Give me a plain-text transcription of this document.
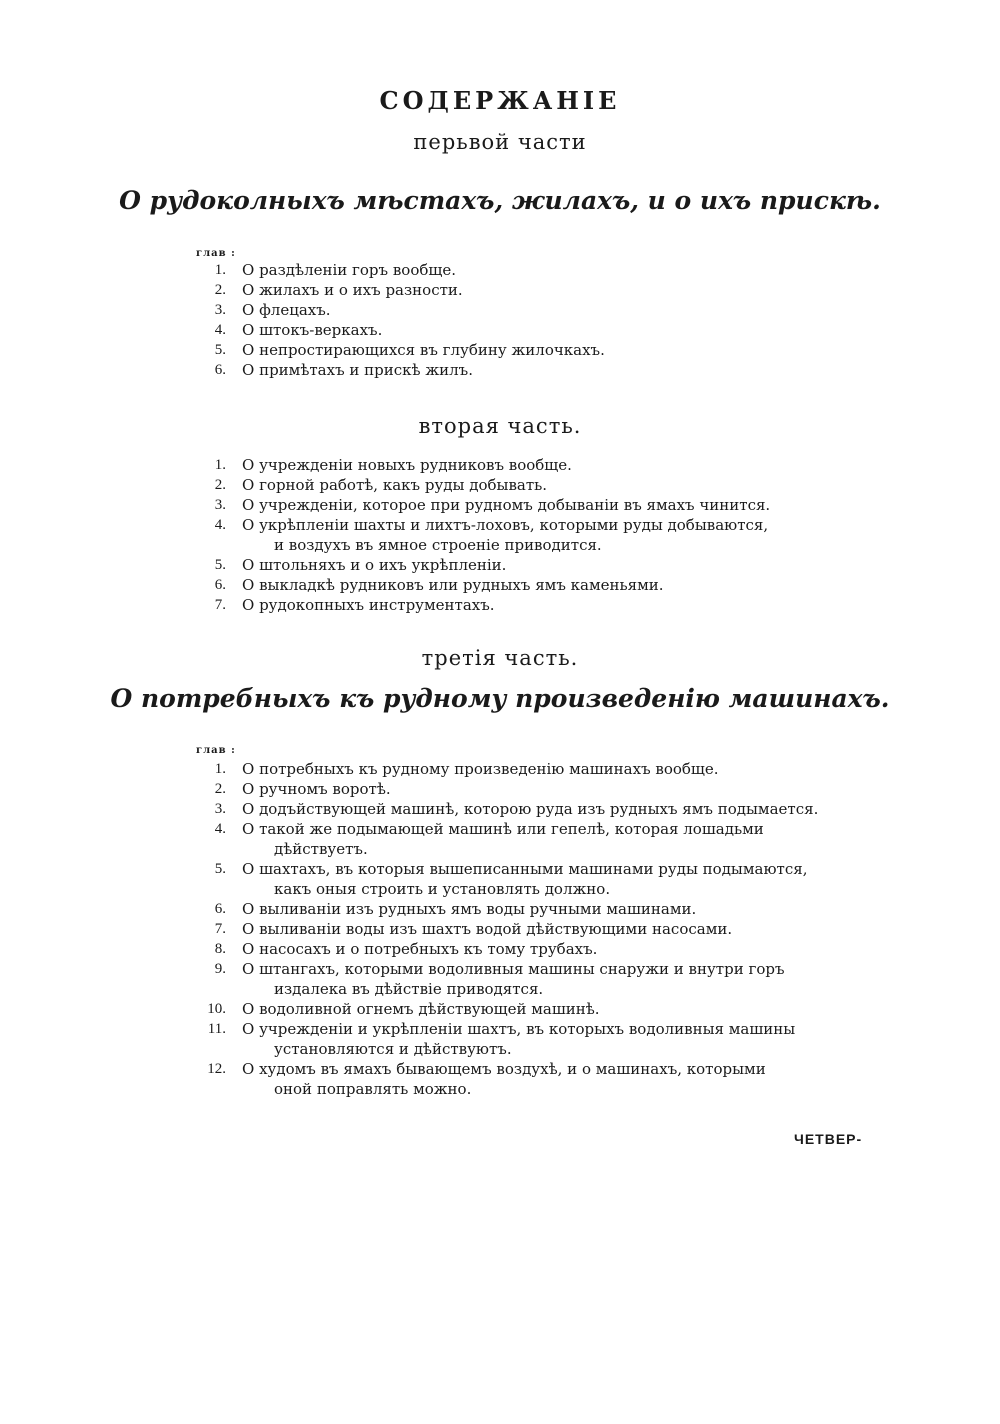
СОДЕРЖАНІЕ
перьвой части
О рудоколныхъ мѣстахъ, жилахъ, и о ихъ прискѣ.
глав :
1. О раздѣленіи горъ вообще.
2. О жилахъ и о ихъ разности.
3. О флецахъ.
4. О штокъ-веркахъ.
5. О непростирающихся въ глубину жилочкахъ.
6. О примѣтахъ и прискѣ жилъ.
вторая часть.
1. О учрежденіи новыхъ рудниковъ вообще.
2. О горной работѣ, какъ руды добывать.
3. О учрежденіи, которое при рудномъ добываніи въ ямахъ чинится.
4. О укрѣпленіи шахты и лихтъ-лоховъ, которыми руды добываются,
и воздухъ въ ямное строеніе приводится.
5. О штольняхъ и о ихъ укрѣпленіи.
6. О выкладкѣ рудниковъ или рудныхъ ямъ каменьями.
7. О рудокопныхъ инструментахъ.
третія часть.
О потребныхъ къ рудному произведенію машинахъ.
глав :
1. О потребныхъ къ рудному произведенію машинахъ вообще.
2. О ручномъ воротѣ.
3. О додъйствующей машинѣ, которою руда изъ рудныхъ ямъ подымается.
4. О такой же подымающей машинѣ или гепелѣ, которая лошадьми
дѣйствуетъ.
5. О шахтахъ, въ которыя вышеписанными машинами руды подымаются,
какъ оныя строить и установлять должно.
6. О выливаніи изъ рудныхъ ямъ воды ручными машинами.
7. О выливаніи воды изъ шахтъ водой дѣйствующими насосами.
8. О насосахъ и о потребныхъ къ тому трубахъ.
9. О штангахъ, которыми водоливныя машины снаружи и внутри горъ
издалека въ дѣйствіе приводятся.
10. О водоливной огнемъ дѣйствующей машинѣ.
11. О учрежденіи и укрѣпленіи шахтъ, въ которыхъ водоливныя машины
установляются и дѣйствуютъ.
12. О худомъ въ ямахъ бывающемъ воздухѣ, и о машинахъ, которыми
оной поправлять можно.
ЧЕТВЕР-
